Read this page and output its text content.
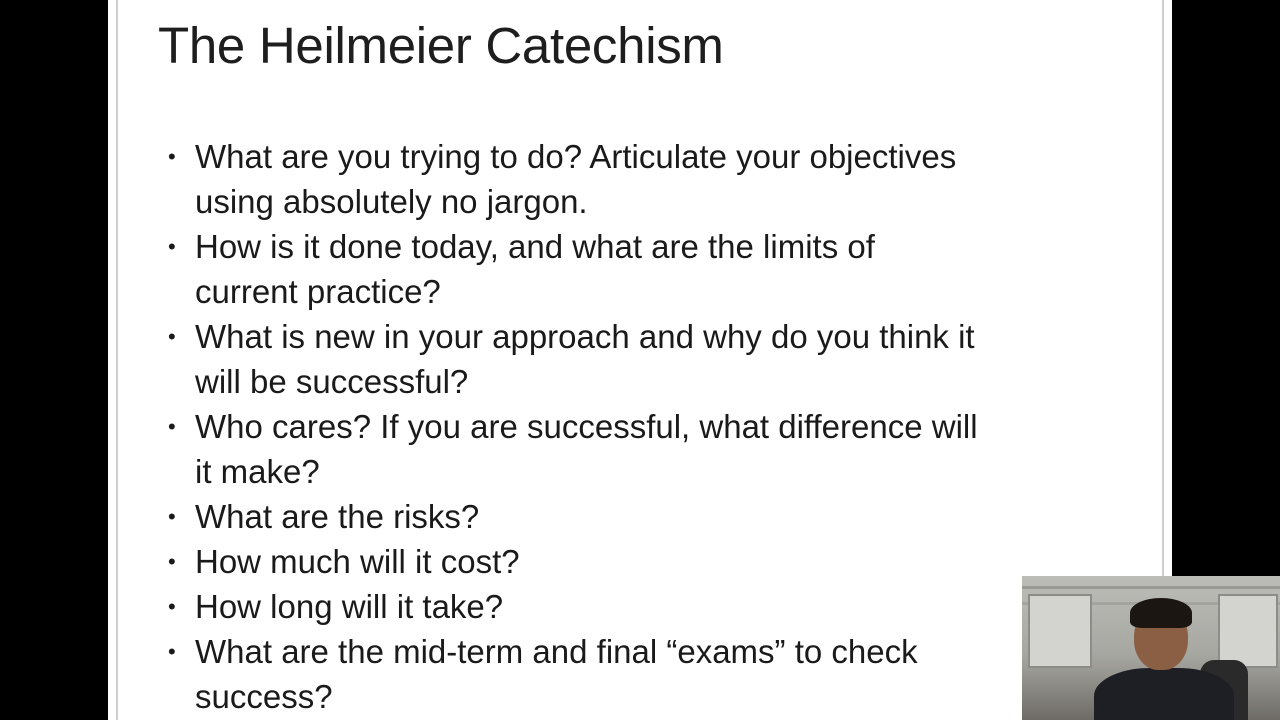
The Heilmeier Catechism
• What are you trying to do? Articulate your objectives
using absolutely no jargon.
• How is it done today, and what are the limits of
current practice?
• What is new in your approach and why do you think it
will be successful?
• Who cares? If you are successful, what difference will
it make?
• What are the risks?
• How much will it cost?
• How long will it take?
• What are the mid-term and final “exams” to check
success?
